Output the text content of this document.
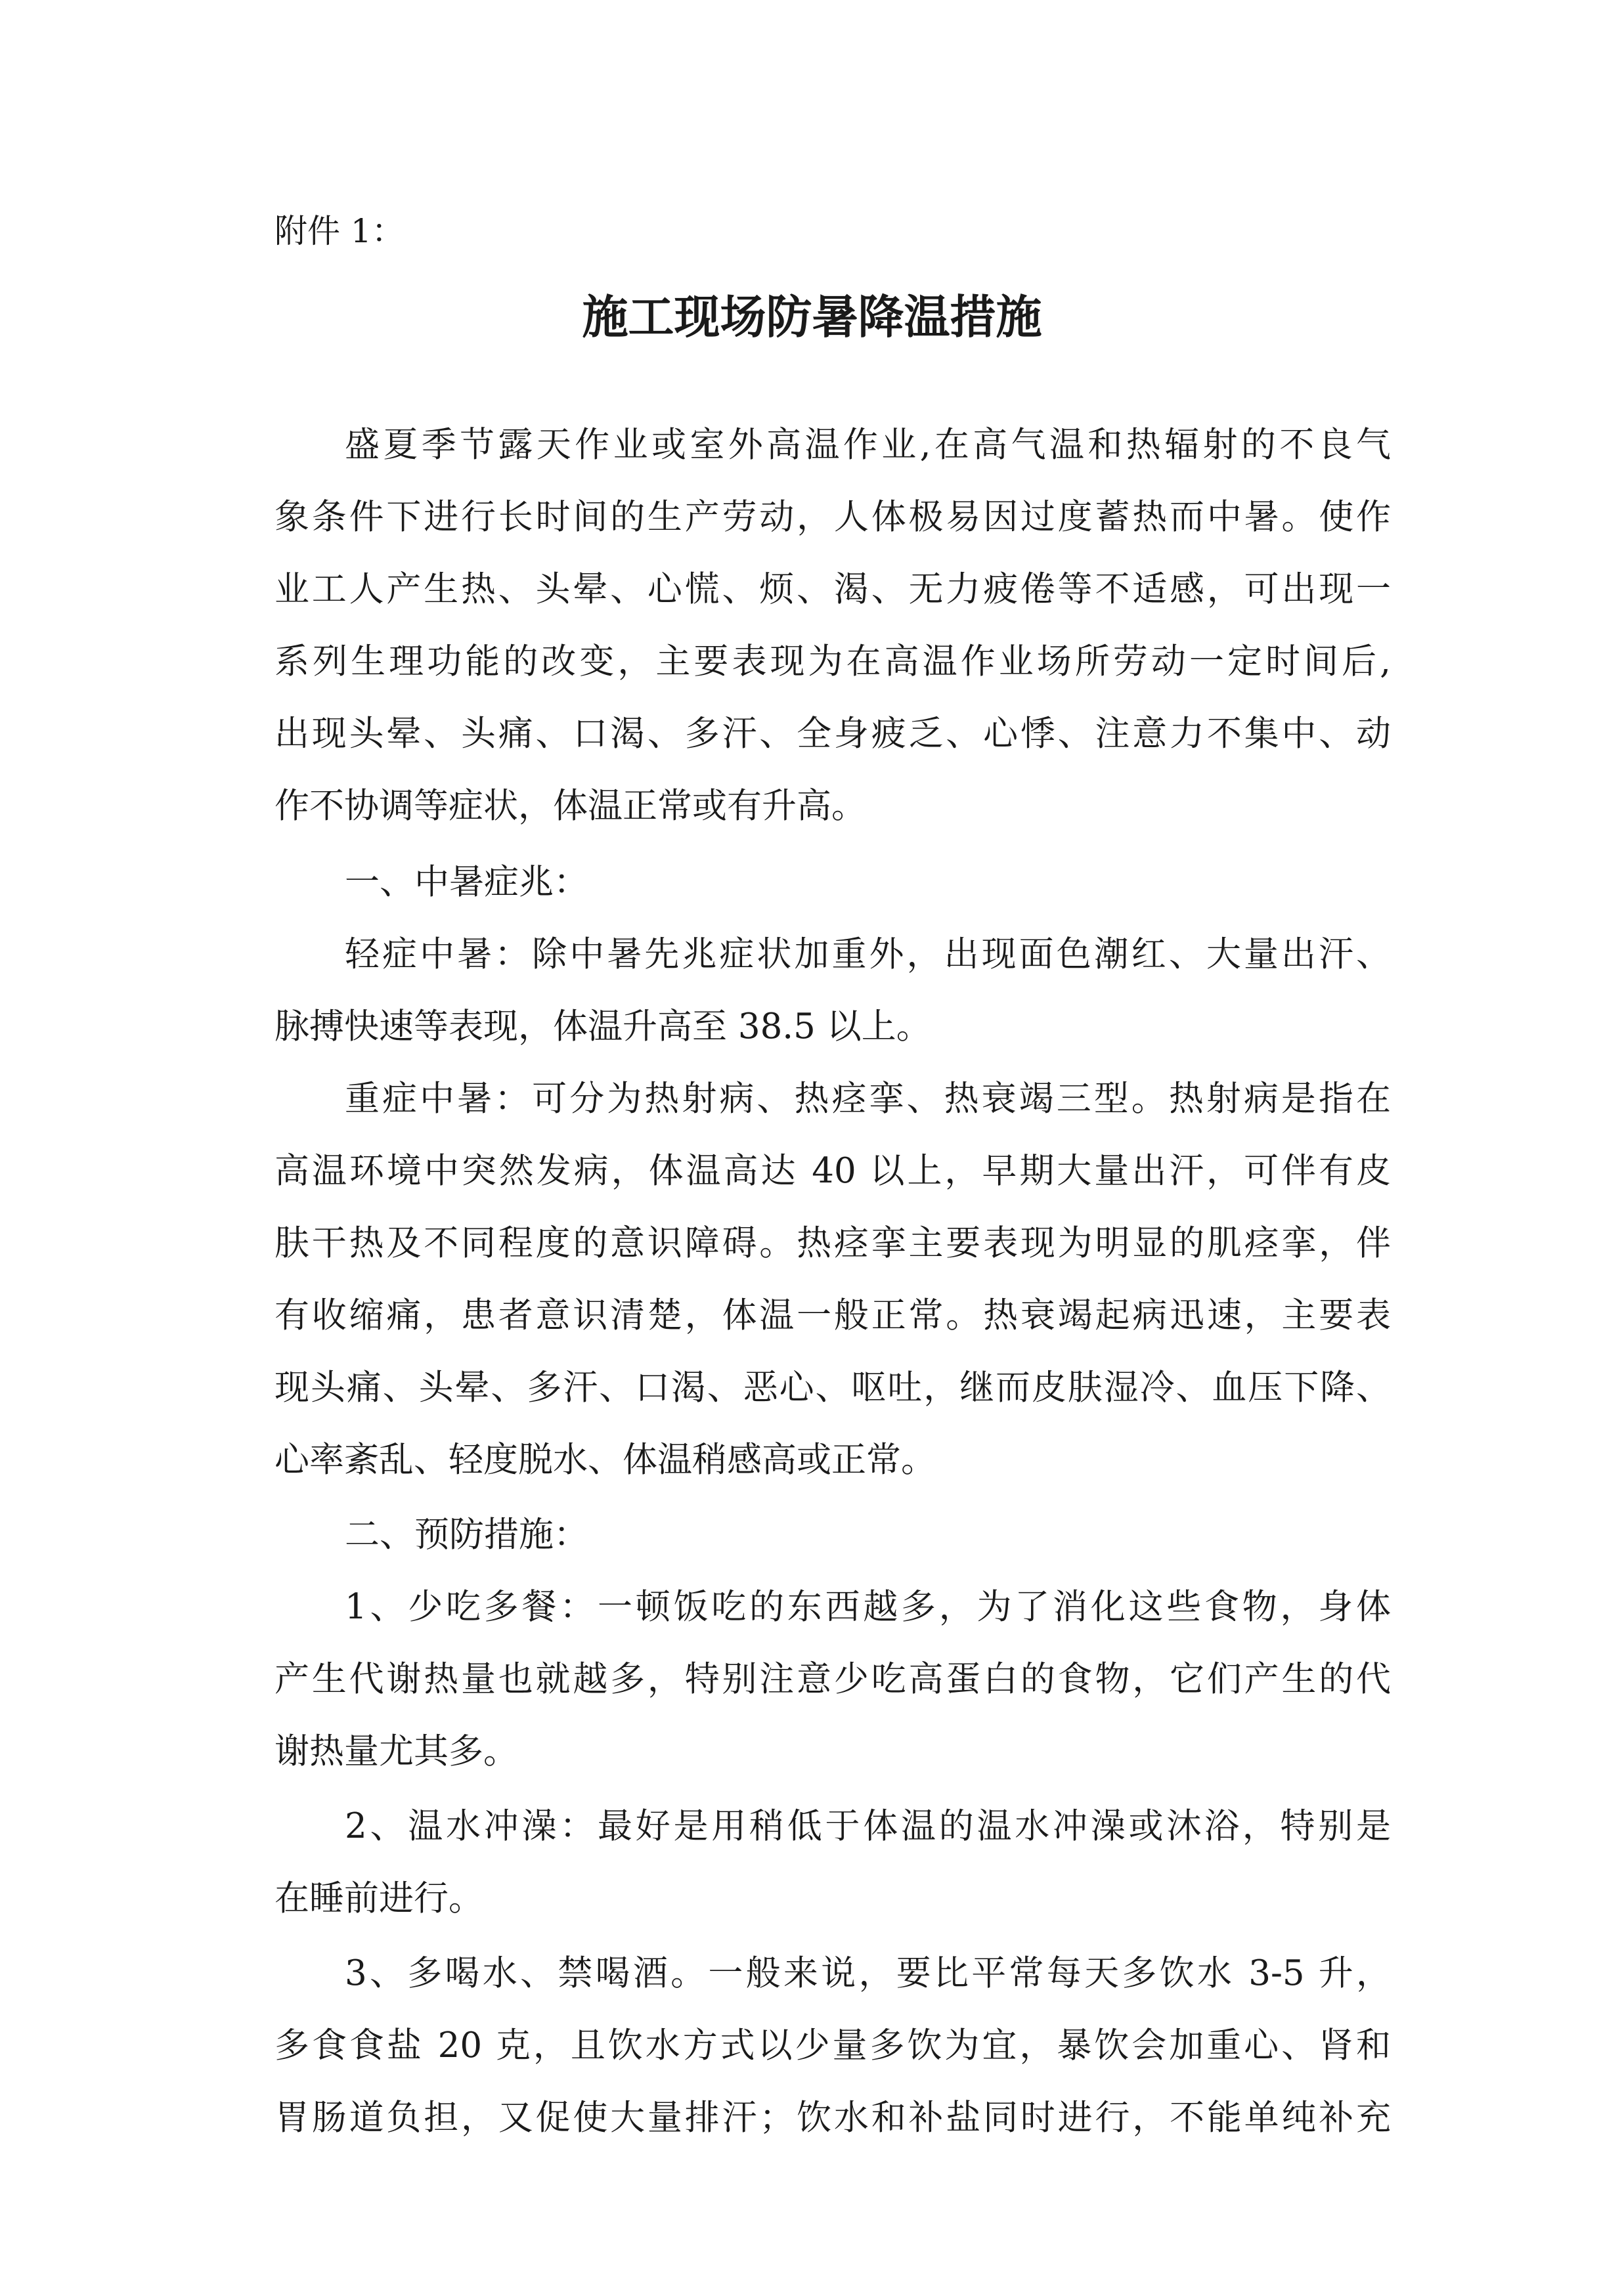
附件 1：
施工现场防暑降温措施
盛夏季节露天作业或室外高温作业,在高气温和热辐射的不良气
象条件下进行长时间的生产劳动，人体极易因过度蓄热而中暑。使作
业工人产生热、头晕、心慌、烦、渴、无力疲倦等不适感，可出现一
系列生理功能的改变，主要表现为在高温作业场所劳动一定时间后,
出现头晕、头痛、口渴、多汗、全身疲乏、心悸、注意力不集中、动
作不协调等症状，体温正常或有升高。
一、中暑症兆：
轻症中暑：除中暑先兆症状加重外，出现面色潮红、大量出汗、
脉搏快速等表现，体温升高至 38.5 以上。
重症中暑：可分为热射病、热痉挛、热衰竭三型。热射病是指在
高温环境中突然发病，体温高达 40 以上，早期大量出汗，可伴有皮
肤干热及不同程度的意识障碍。热痉挛主要表现为明显的肌痉挛，伴
有收缩痛，患者意识清楚，体温一般正常。热衰竭起病迅速，主要表
现头痛、头晕、多汗、口渴、恶心、呕吐，继而皮肤湿冷、血压下降、
心率紊乱、轻度脱水、体温稍感高或正常。
二、预防措施：
1、少吃多餐：一顿饭吃的东西越多，为了消化这些食物，身体
产生代谢热量也就越多，特别注意少吃高蛋白的食物，它们产生的代
谢热量尤其多。
2、温水冲澡：最好是用稍低于体温的温水冲澡或沐浴，特别是
在睡前进行。
3、多喝水、禁喝酒。一般来说，要比平常每天多饮水 3-5 升，
多食食盐 20 克，且饮水方式以少量多饮为宜，暴饮会加重心、肾和
胃肠道负担，又促使大量排汗；饮水和补盐同时进行，不能单纯补充
